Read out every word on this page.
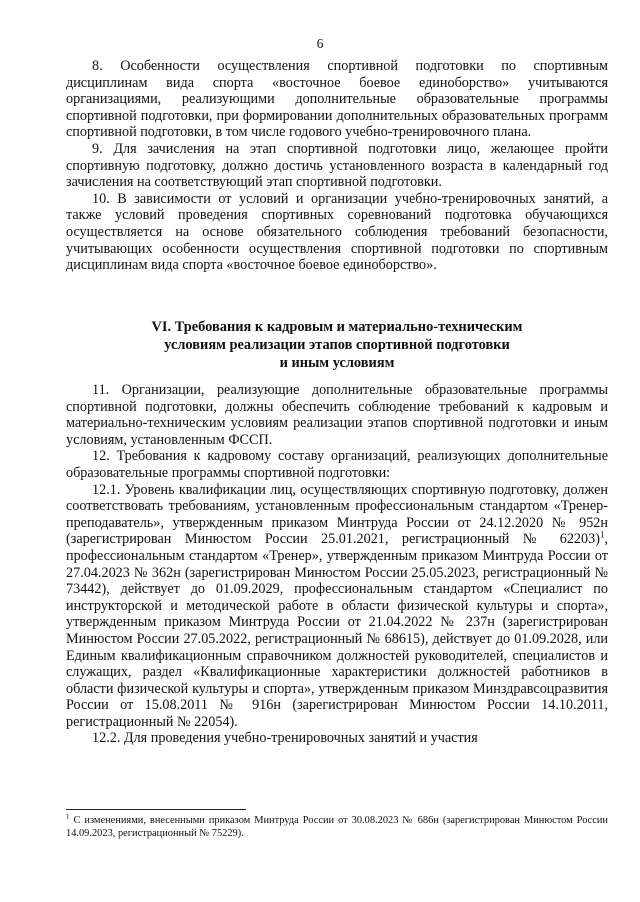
6

8. Особенности осуществления спортивной подготовки по спортивным дисциплинам вида спорта «восточное боевое единоборство» учитываются организациями, реализующими дополнительные образовательные программы спортивной подготовки, при формировании дополнительных образовательных программ спортивной подготовки, в том числе годового учебно-тренировочного плана.

9. Для зачисления на этап спортивной подготовки лицо, желающее пройти спортивную подготовку, должно достичь установленного возраста в календарный год зачисления на соответствующий этап спортивной подготовки.

10. В зависимости от условий и организации учебно-тренировочных занятий, а также условий проведения спортивных соревнований подготовка обучающихся осуществляется на основе обязательного соблюдения требований безопасности, учитывающих особенности осуществления спортивной подготовки по спортивным дисциплинам вида спорта «восточное боевое единоборство».

VI. Требования к кадровым и материально-техническим
условиям реализации этапов спортивной подготовки
и иным условиям

11. Организации, реализующие дополнительные образовательные программы спортивной подготовки, должны обеспечить соблюдение требований к кадровым и материально-техническим условиям реализации этапов спортивной подготовки и иным условиям, установленным ФССП.

12. Требования к кадровому составу организаций, реализующих дополнительные образовательные программы спортивной подготовки:

12.1. Уровень квалификации лиц, осуществляющих спортивную подготовку, должен соответствовать требованиям, установленным профессиональным стандартом «Тренер-преподаватель», утвержденным приказом Минтруда России от 24.12.2020 № 952н (зарегистрирован Минюстом России 25.01.2021, регистрационный № 62203)$^1$, профессиональным стандартом «Тренер», утвержденным приказом Минтруда России от 27.04.2023 № 362н (зарегистрирован Минюстом России 25.05.2023, регистрационный № 73442), действует до 01.09.2029, профессиональным стандартом «Специалист по инструкторской и методической работе в области физической культуры и спорта», утвержденным приказом Минтруда России от 21.04.2022 № 237н (зарегистрирован Минюстом России 27.05.2022, регистрационный № 68615), действует до 01.09.2028, или Единым квалификационным справочником должностей руководителей, специалистов и служащих, раздел «Квалификационные характеристики должностей работников в области физической культуры и спорта», утвержденным приказом Минздравсоцразвития России от 15.08.2011 № 916н (зарегистрирован Минюстом России 14.10.2011, регистрационный № 22054).

12.2. Для проведения учебно-тренировочных занятий и участия

$^1$ С изменениями, внесенными приказом Минтруда России от 30.08.2023 № 686н (зарегистрирован Минюстом России 14.09.2023, регистрационный № 75229).
